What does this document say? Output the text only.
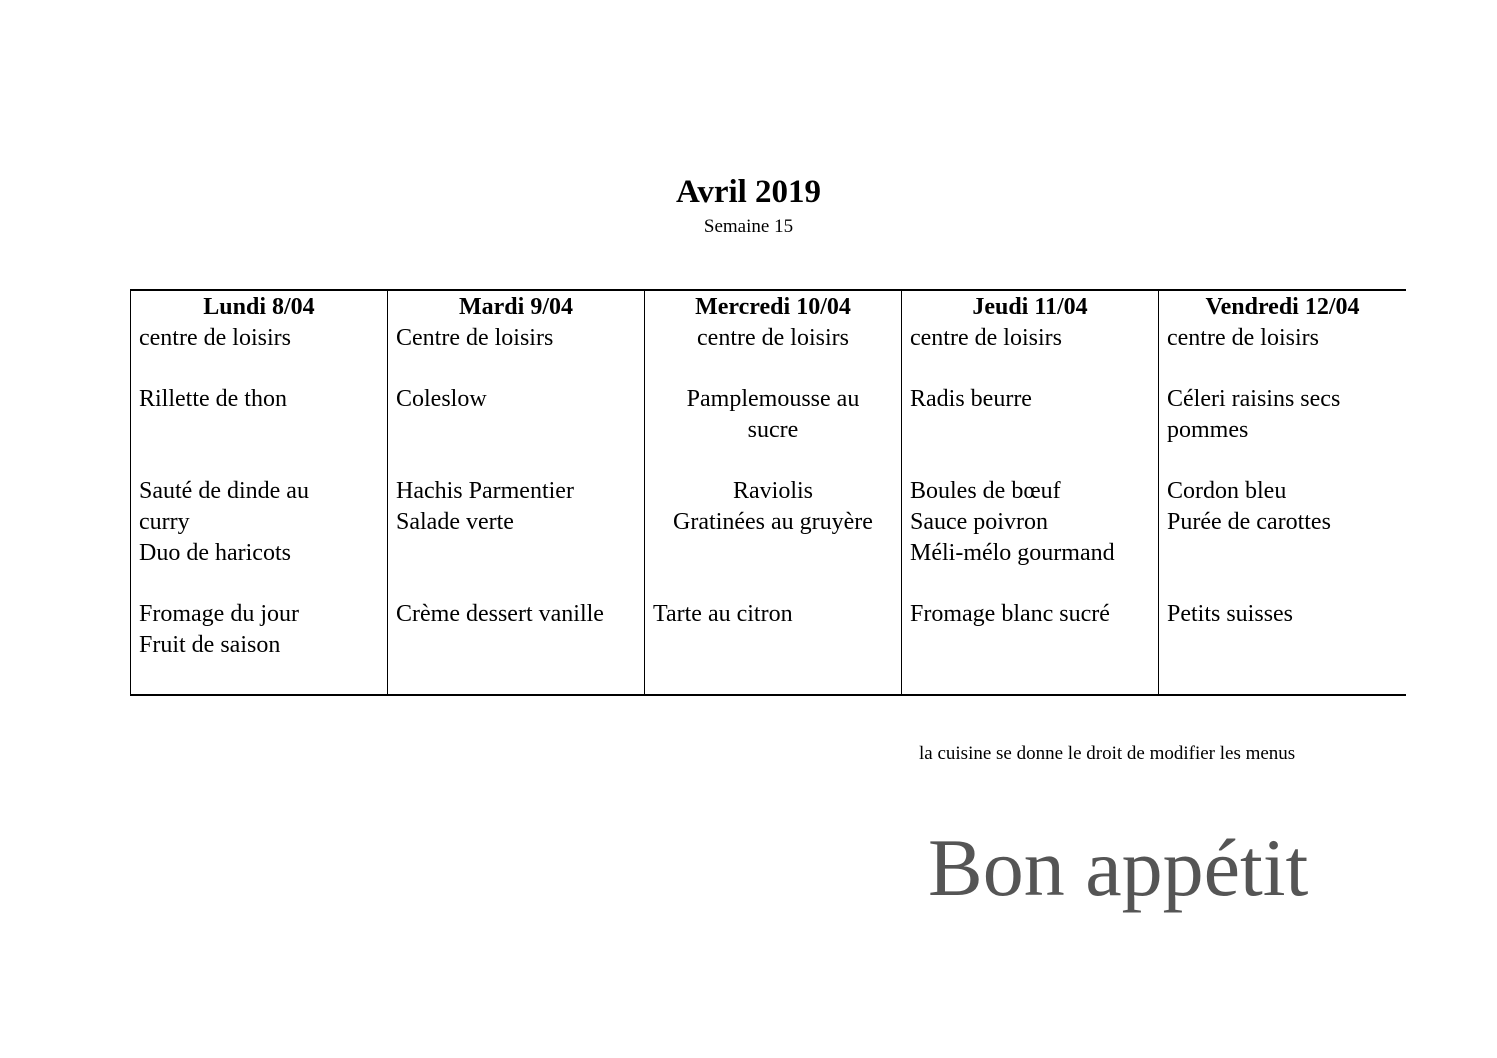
Avril 2019
Semaine 15
Lundi 8/04
centre de loisirs
Rillette de thon
Sauté de dinde au
curry
Duo de haricots
Fromage du jour
Fruit de saison
Mardi 9/04
Centre de loisirs
Coleslow
Hachis Parmentier
Salade verte
Crème dessert vanille
Mercredi 10/04
centre de loisirs
Pamplemousse au
sucre
Raviolis
Gratinées au gruyère
Tarte au citron
Jeudi 11/04
centre de loisirs
Radis beurre
Boules de bœuf
Sauce poivron
Méli-mélo gourmand
Fromage blanc sucré
Vendredi 12/04
centre de loisirs
Céleri raisins secs
pommes
Cordon bleu
Purée de carottes
Petits suisses
la cuisine se donne le droit de modifier les menus
Bon appétit
